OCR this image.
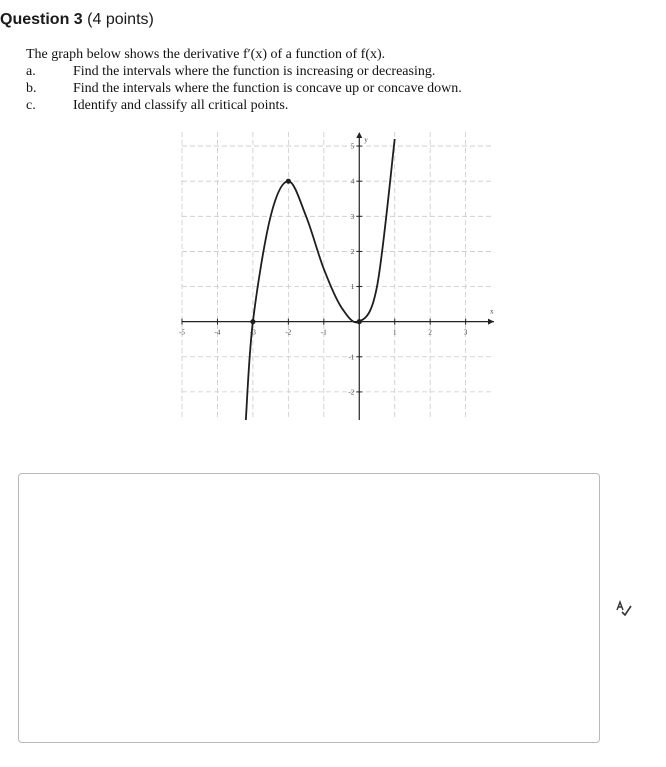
Question 3 (4 points)
The graph below shows the derivative f′(x) of a function of f(x).
a.	Find the intervals where the function is increasing or decreasing.
b.	Find the intervals where the function is concave up or concave down.
c.	Identify and classify all critical points.
-5	-4	-3	-2	-1	1	2	3
-2
-1
1
2
3
4
5
x
y
